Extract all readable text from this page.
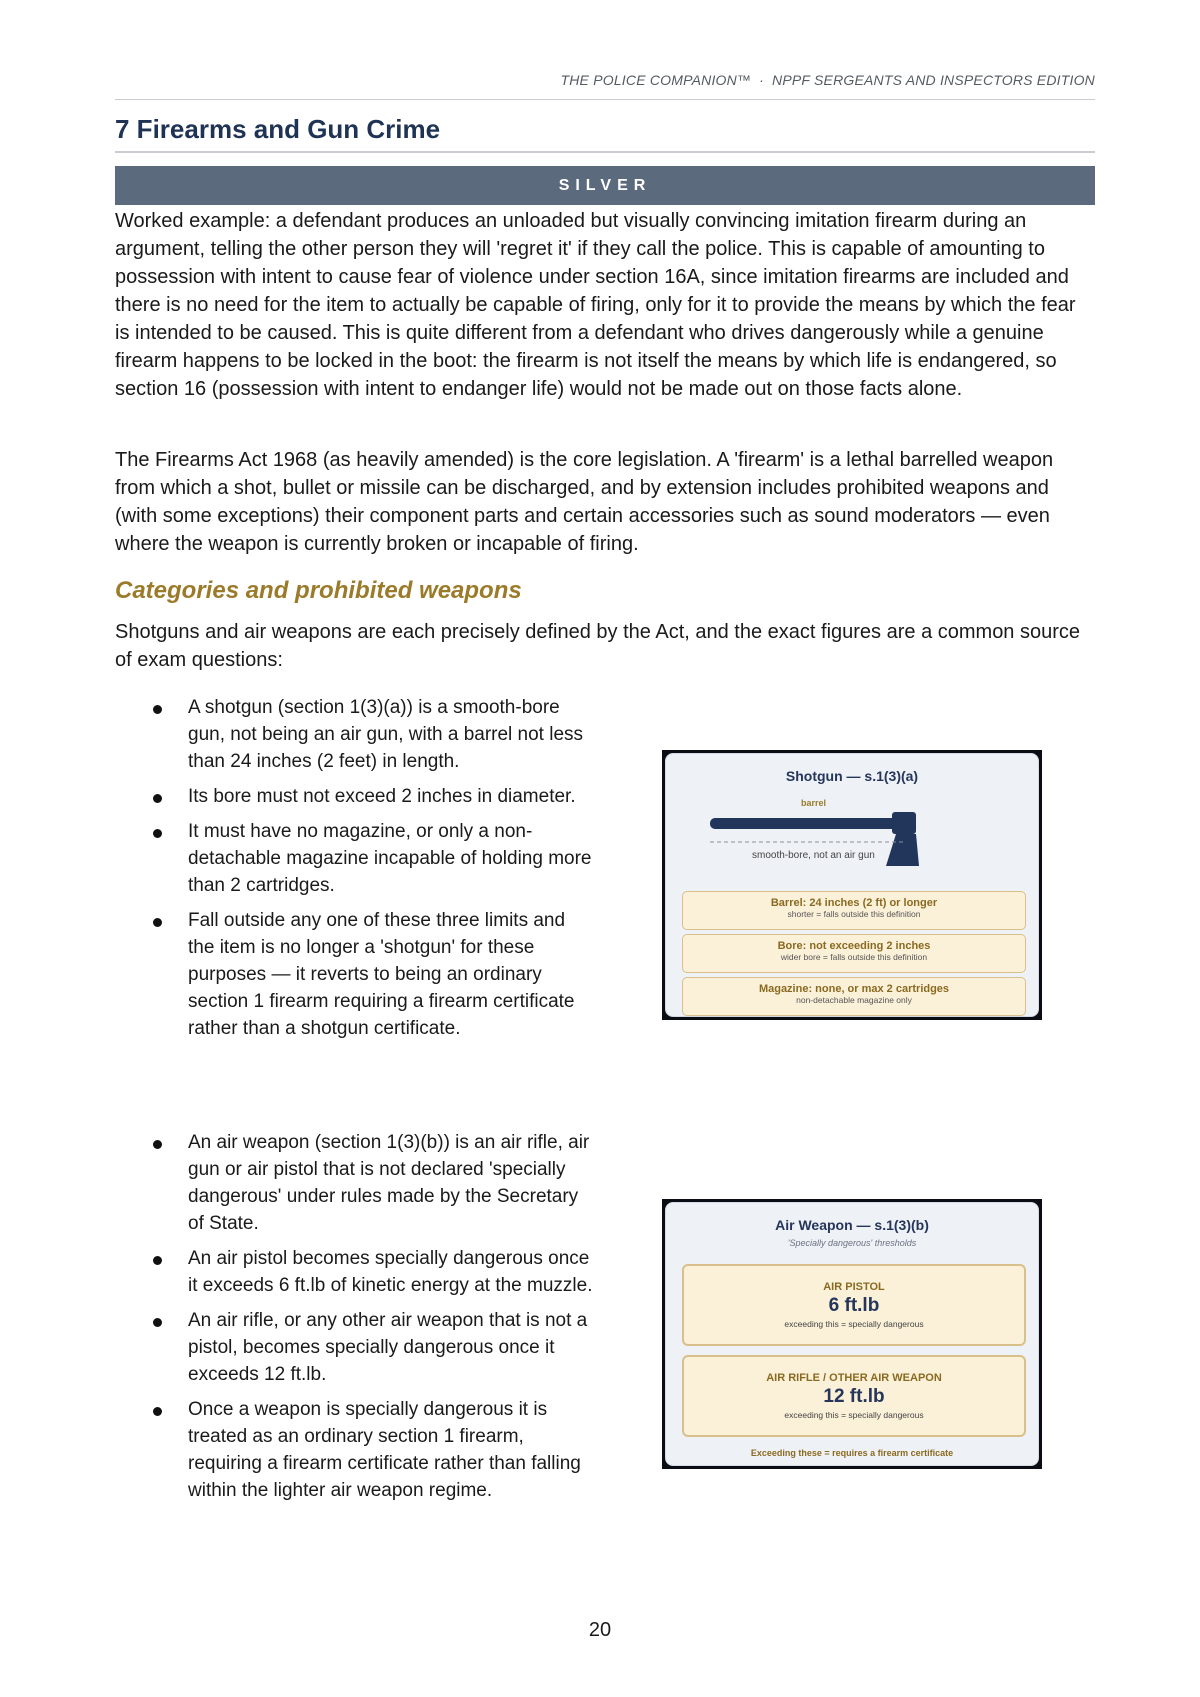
THE POLICE COMPANION™ · NPPF SERGEANTS AND INSPECTORS EDITION
7 Firearms and Gun Crime
SILVER

Worked example: a defendant produces an unloaded but visually convincing imitation firearm during an argument, telling the other person they will 'regret it' if they call the police. This is capable of amounting to possession with intent to cause fear of violence under section 16A, since imitation firearms are included and there is no need for the item to actually be capable of firing, only for it to provide the means by which the fear is intended to be caused. This is quite different from a defendant who drives dangerously while a genuine firearm happens to be locked in the boot: the firearm is not itself the means by which life is endangered, so section 16 (possession with intent to endanger life) would not be made out on those facts alone.

The Firearms Act 1968 (as heavily amended) is the core legislation. A 'firearm' is a lethal barrelled weapon from which a shot, bullet or missile can be discharged, and by extension includes prohibited weapons and (with some exceptions) their component parts and certain accessories such as sound moderators — even where the weapon is currently broken or incapable of firing.

Categories and prohibited weapons

Shotguns and air weapons are each precisely defined by the Act, and the exact figures are a common source of exam questions:

A shotgun (section 1(3)(a)) is a smooth-bore gun, not being an air gun, with a barrel not less than 24 inches (2 feet) in length.
Its bore must not exceed 2 inches in diameter.
It must have no magazine, or only a non-detachable magazine incapable of holding more than 2 cartridges.
Fall outside any one of these three limits and the item is no longer a 'shotgun' for these purposes — it reverts to being an ordinary section 1 firearm requiring a firearm certificate rather than a shotgun certificate.
Shotgun — s.1(3)(a)
barrel
smooth-bore, not an air gun
Barrel: 24 inches (2 ft) or longer
shorter = falls outside this definition
Bore: not exceeding 2 inches
wider bore = falls outside this definition
Magazine: none, or max 2 cartridges
non-detachable magazine only
An air weapon (section 1(3)(b)) is an air rifle, air gun or air pistol that is not declared 'specially dangerous' under rules made by the Secretary of State.
An air pistol becomes specially dangerous once it exceeds 6 ft.lb of kinetic energy at the muzzle.
An air rifle, or any other air weapon that is not a pistol, becomes specially dangerous once it exceeds 12 ft.lb.
Once a weapon is specially dangerous it is treated as an ordinary section 1 firearm, requiring a firearm certificate rather than falling within the lighter air weapon regime.
Air Weapon — s.1(3)(b)
'Specially dangerous' thresholds
AIR PISTOL
6 ft.lb
exceeding this = specially dangerous
AIR RIFLE / OTHER AIR WEAPON
12 ft.lb
exceeding this = specially dangerous
Exceeding these = requires a firearm certificate
20
